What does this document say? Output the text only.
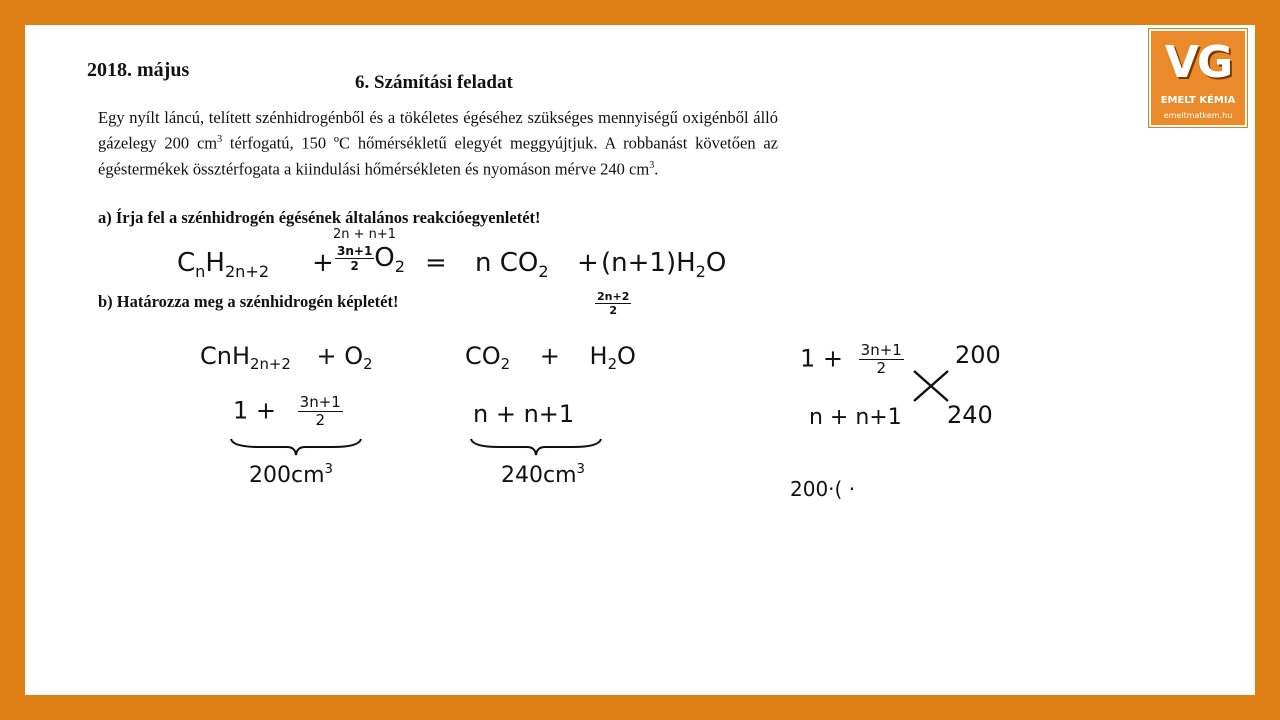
2018. május
6. Számítási feladat	VG
EMELT KÉMIA
emeltmatkem.hu
Egy nyílt láncú, telített szénhidrogénből és a tökéletes égéséhez szükséges mennyiségű oxigénből álló gázelegy 200 $cm^3$ térfogatú, 150 ºC hőmérsékletű elegyét meggyújtjuk. A robbanást követően az égéstermékek össztérfogata a kiindulási hőmérsékleten és nyomáson mérve 240 $cm^3$.
a) Írja fel a szénhidrogén égésének általános reakcióegyenletét!
b) Határozza meg a szénhidrogén képletét!
2n + n+1
$C_nH_{2n+2} + \frac{3n+1}{2} O_2 = n$ $CO_2 + (n+1)H_2O$
$\frac{2n+2}{2}$
$CnH_{2n+2} + O_2$
$1 + \frac{3n+1}{2}$
$200cm^3$
$CO_2 + H_2O$
n + n+1
$240cm^3$
$1 + \frac{3n+1}{2} 200$
n + n+1 240
200·( ·
